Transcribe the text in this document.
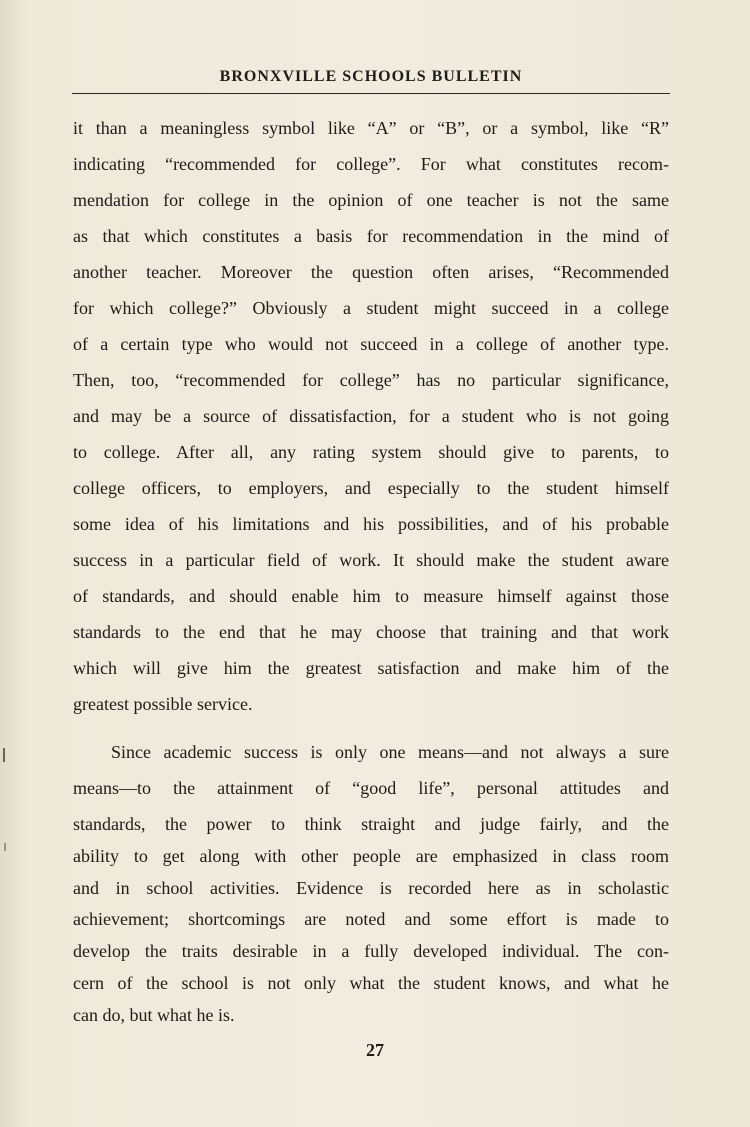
BRONXVILLE SCHOOLS BULLETIN
it than a meaningless symbol like “A” or “B”, or a symbol, like “R”
indicating “recommended for college”. For what constitutes recom-
mendation for college in the opinion of one teacher is not the same
as that which constitutes a basis for recommendation in the mind of
another teacher. Moreover the question often arises, “Recommended
for which college?” Obviously a student might succeed in a college
of a certain type who would not succeed in a college of another type.
Then, too, “recommended for college” has no particular significance,
and may be a source of dissatisfaction, for a student who is not going
to college. After all, any rating system should give to parents, to
college officers, to employers, and especially to the student himself
some idea of his limitations and his possibilities, and of his probable
success in a particular field of work. It should make the student aware
of standards, and should enable him to measure himself against those
standards to the end that he may choose that training and that work
which will give him the greatest satisfaction and make him of the
greatest possible service.
Since academic success is only one means—and not always a sure
means—to the attainment of “good life”, personal attitudes and
standards, the power to think straight and judge fairly, and the
ability to get along with other people are emphasized in class room
and in school activities. Evidence is recorded here as in scholastic
achievement; shortcomings are noted and some effort is made to
develop the traits desirable in a fully developed individual. The con-
cern of the school is not only what the student knows, and what he
can do, but what he is.
27
